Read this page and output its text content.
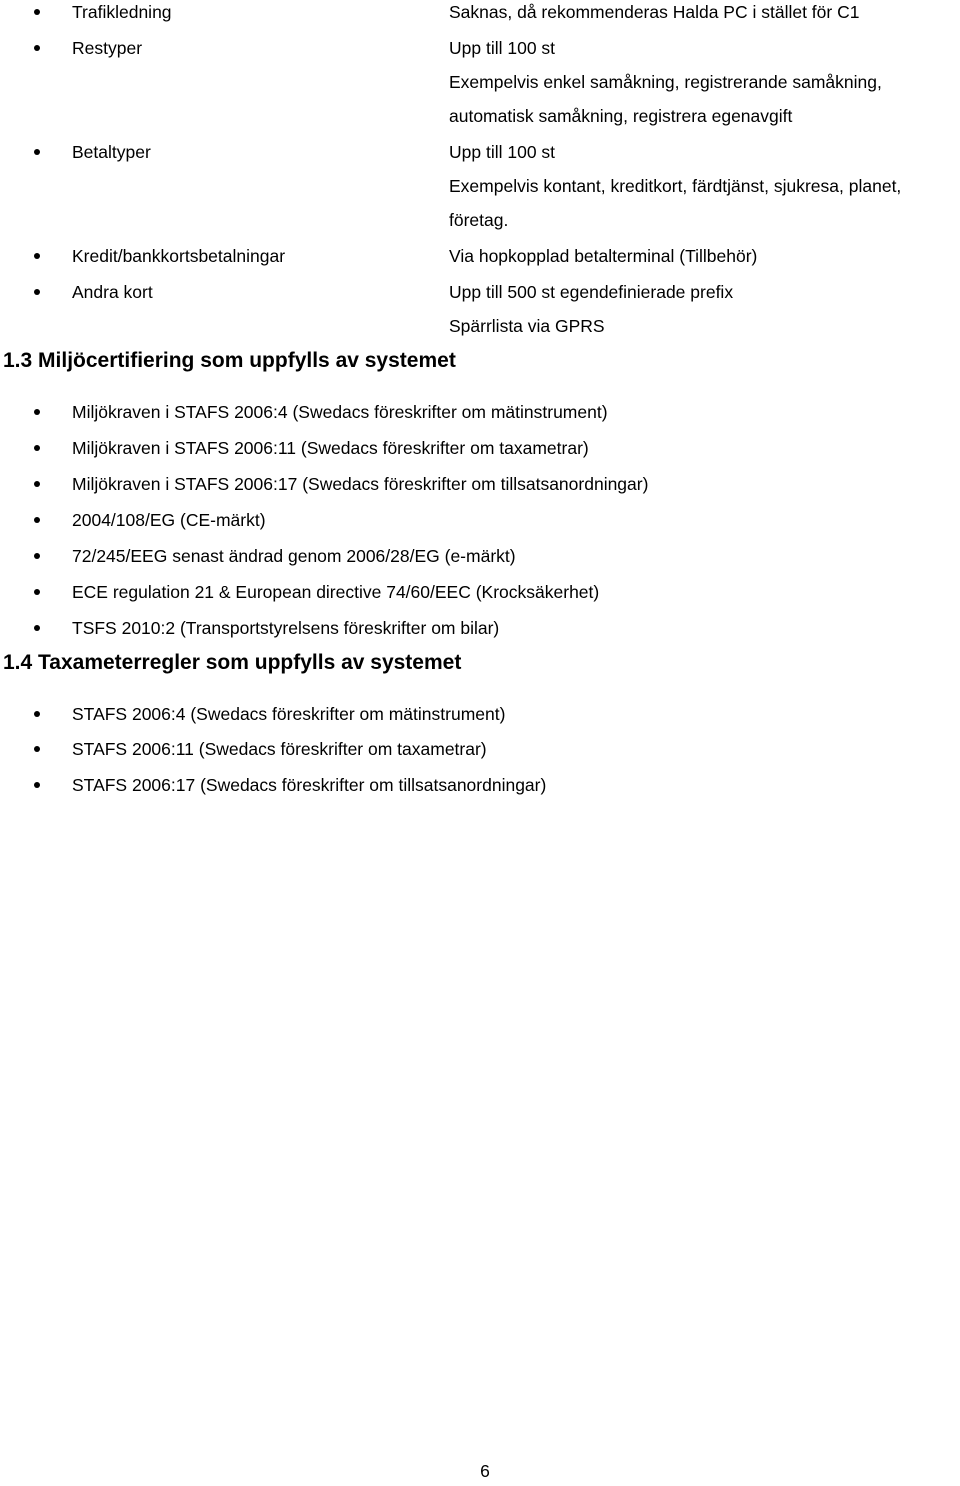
Trafikledning	Saknas, då rekommenderas Halda PC i stället för C1
Restyper	Upp till 100 st
Exempelvis enkel samåkning, registrerande samåkning,
automatisk samåkning, registrera egenavgift
Betaltyper	Upp till 100 st
Exempelvis kontant, kreditkort, färdtjänst, sjukresa, planet,
företag.
Kredit/bankkortsbetalningar	Via hopkopplad betalterminal (Tillbehör)
Andra kort	Upp till 500 st egendefinierade prefix
Spärrlista via GPRS
1.3 Miljöcertifiering som uppfylls av systemet
Miljökraven i STAFS 2006:4 (Swedacs föreskrifter om mätinstrument)
Miljökraven i STAFS 2006:11 (Swedacs föreskrifter om taxametrar)
Miljökraven i STAFS 2006:17 (Swedacs föreskrifter om tillsatsanordningar)
2004/108/EG (CE-märkt)
72/245/EEG senast ändrad genom 2006/28/EG (e-märkt)
ECE regulation 21 & European directive 74/60/EEC (Krocksäkerhet)
TSFS 2010:2 (Transportstyrelsens föreskrifter om bilar)
1.4 Taxameterregler som uppfylls av systemet
STAFS 2006:4 (Swedacs föreskrifter om mätinstrument)
STAFS 2006:11 (Swedacs föreskrifter om taxametrar)
STAFS 2006:17 (Swedacs föreskrifter om tillsatsanordningar)
6
